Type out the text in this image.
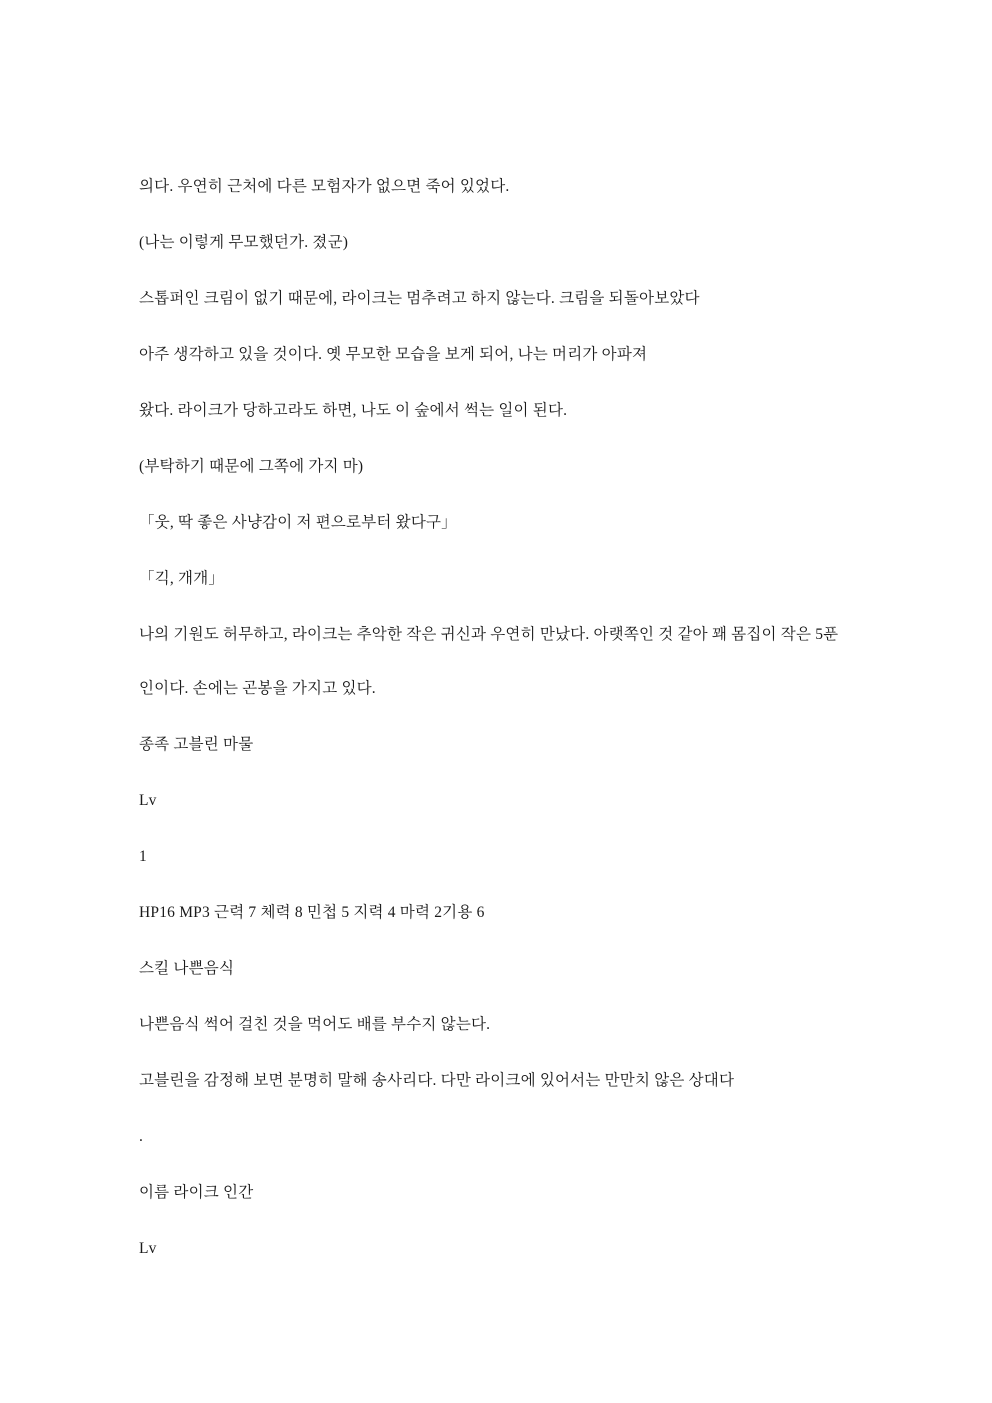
의다. 우연히 근처에 다른 모험자가 없으면 죽어 있었다.

(나는 이렇게 무모했던가. 졌군)

스톱퍼인 크림이 없기 때문에, 라이크는 멈추려고 하지 않는다. 크림을 되돌아보았다

아주 생각하고 있을 것이다. 옛 무모한 모습을 보게 되어, 나는 머리가 아파져

왔다. 라이크가 당하고라도 하면, 나도 이 숲에서 썩는 일이 된다.

(부탁하기 때문에 그쪽에 가지 마)

「웃, 딱 좋은 사냥감이 저 편으로부터 왔다구」

「긱, 개개」

나의 기원도 허무하고, 라이크는 추악한 작은 귀신과 우연히 만났다. 아랫쪽인 것 같아 꽤 몸집이 작은 5푼

인이다. 손에는 곤봉을 가지고 있다.

종족 고블린 마물

Lv

1

HP16 MP3 근력 7 체력 8 민첩 5 지력 4 마력 2기용 6

스킬 나쁜음식

나쁜음식 썩어 걸친 것을 먹어도 배를 부수지 않는다.

고블린을 감정해 보면 분명히 말해 송사리다. 다만 라이크에 있어서는 만만치 않은 상대다

.

이름 라이크 인간

Lv
